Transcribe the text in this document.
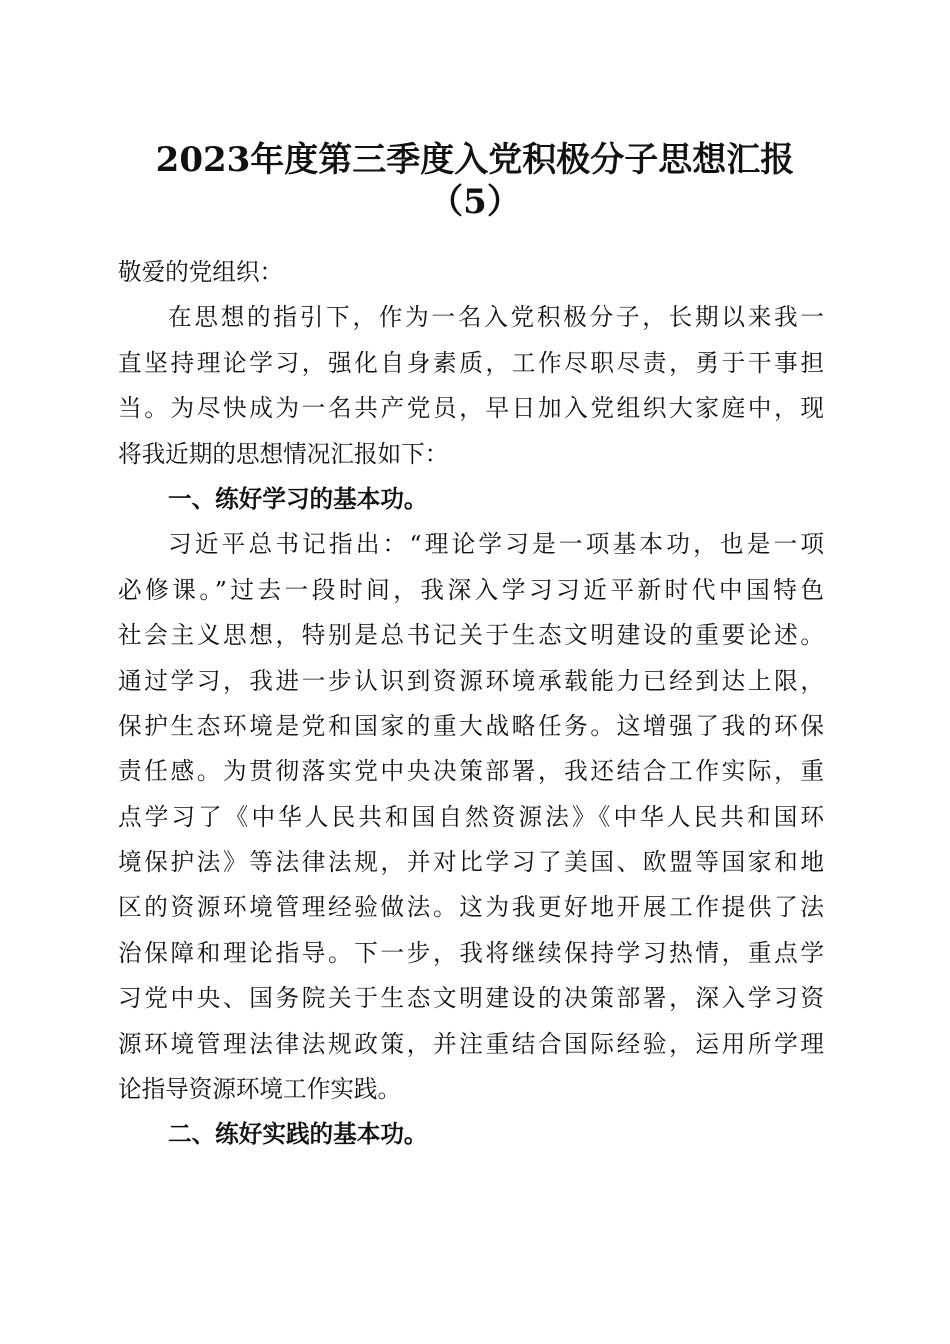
2023年度第三季度入党积极分子思想汇报
（5）
敬爱的党组织：
在思想的指引下，作为一名入党积极分子，长期以来我一
直坚持理论学习，强化自身素质，工作尽职尽责，勇于干事担
当。为尽快成为一名共产党员，早日加入党组织大家庭中，现
将我近期的思想情况汇报如下：
一、练好学习的基本功。
习近平总书记指出：“理论学习是一项基本功，也是一项
必修课。”过去一段时间，我深入学习习近平新时代中国特色
社会主义思想，特别是总书记关于生态文明建设的重要论述。
通过学习，我进一步认识到资源环境承载能力已经到达上限，
保护生态环境是党和国家的重大战略任务。这增强了我的环保
责任感。为贯彻落实党中央决策部署，我还结合工作实际，重
点学习了《中华人民共和国自然资源法》《中华人民共和国环
境保护法》等法律法规，并对比学习了美国、欧盟等国家和地
区的资源环境管理经验做法。这为我更好地开展工作提供了法
治保障和理论指导。下一步，我将继续保持学习热情，重点学
习党中央、国务院关于生态文明建设的决策部署，深入学习资
源环境管理法律法规政策，并注重结合国际经验，运用所学理
论指导资源环境工作实践。
二、练好实践的基本功。
